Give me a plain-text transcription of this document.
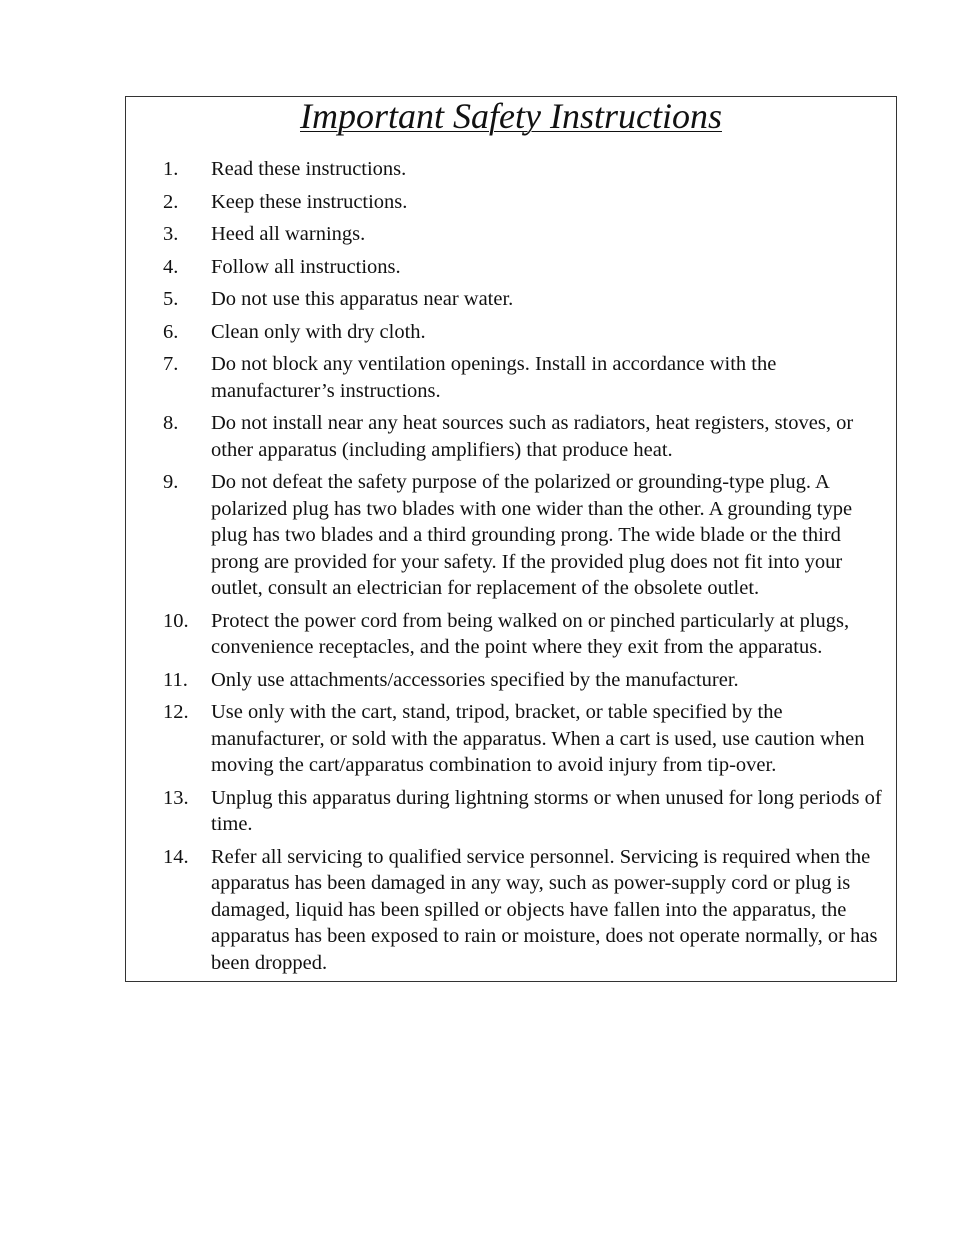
Important Safety Instructions
1.	Read these instructions.
2.	Keep these instructions.
3.	Heed all warnings.
4.	Follow all instructions.
5.	Do not use this apparatus near water.
6.	Clean only with dry cloth.
7.	Do not block any ventilation openings. Install in accordance with the manufacturer’s instructions.
8.	Do not install near any heat sources such as radiators, heat registers, stoves, or other apparatus (including amplifiers) that produce heat.
9.	Do not defeat the safety purpose of the polarized or grounding-type plug. A polarized plug has two blades with one wider than the other. A grounding type plug has two blades and a third grounding prong. The wide blade or the third prong are provided for your safety. If the provided plug does not fit into your outlet, consult an electrician for replacement of the obsolete outlet.
10.	Protect the power cord from being walked on or pinched particularly at plugs, convenience receptacles, and the point where they exit from the apparatus.
11.	Only use attachments/accessories specified by the manufacturer.
12.	Use only with the cart, stand, tripod, bracket, or table specified by the manufacturer, or sold with the apparatus. When a cart is used, use caution when moving the cart/apparatus combination to avoid injury from tip-over.
13.	Unplug this apparatus during lightning storms or when unused for long periods of time.
14.	Refer all servicing to qualified service personnel. Servicing is required when the apparatus has been damaged in any way, such as power-supply cord or plug is damaged, liquid has been spilled or objects have fallen into the apparatus, the apparatus has been exposed to rain or moisture, does not operate normally, or has been dropped.
